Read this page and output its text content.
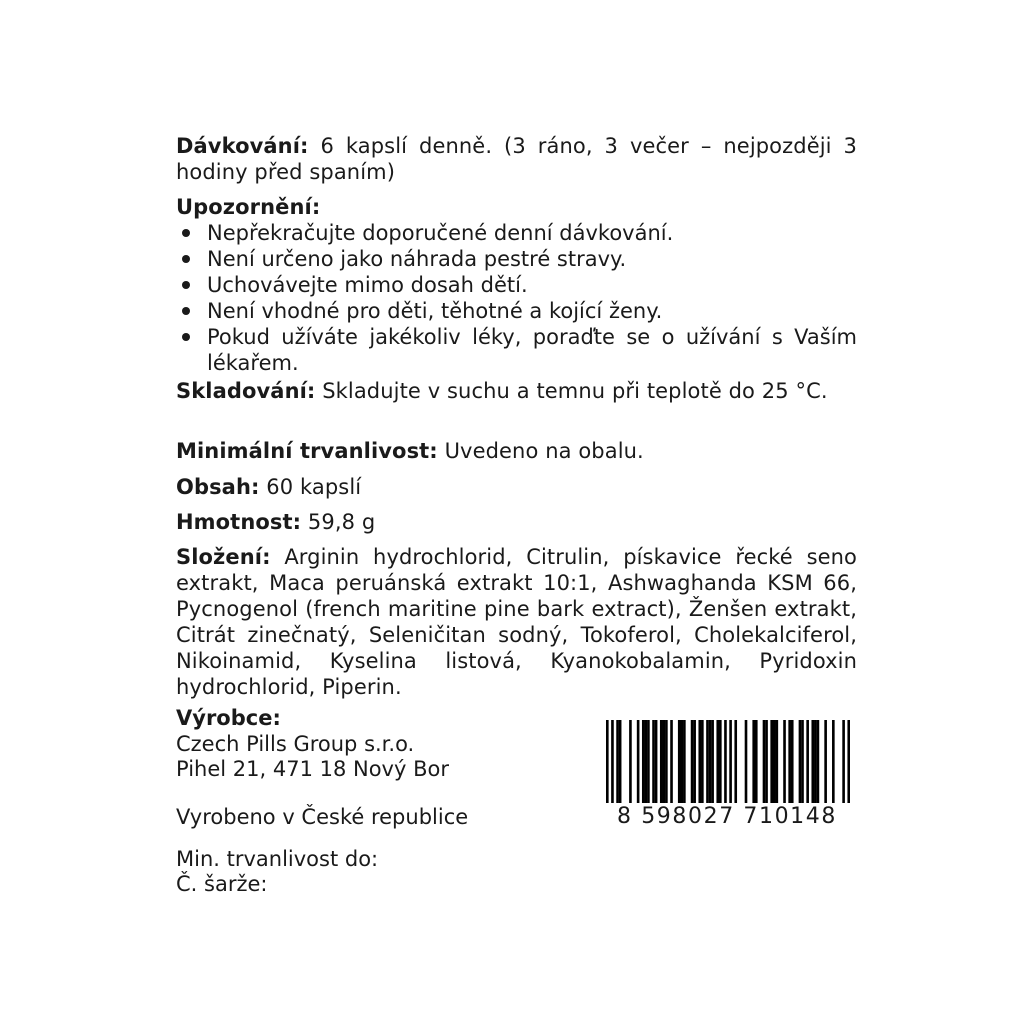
Dávkování: 6 kapslí denně. (3 ráno, 3 večer – nejpozději 3 hodiny před spaním)
Upozornění:
Nepřekračujte doporučené denní dávkování.
Není určeno jako náhrada pestré stravy.
Uchovávejte mimo dosah dětí.
Není vhodné pro děti, těhotné a kojící ženy.
Pokud užíváte jakékoliv léky, poraďte se o užívání s Vaším lékařem.
Skladování: Skladujte v suchu a temnu při teplotě do 25 °C.
Minimální trvanlivost: Uvedeno na obalu.
Obsah: 60 kapslí
Hmotnost: 59,8 g
Složení: Arginin hydrochlorid, Citrulin, pískavice řecké seno extrakt, Maca peruánská extrakt 10:1, Ashwaghanda KSM 66, Pycnogenol (french maritine pine bark extract), Ženšen extrakt, Citrát zinečnatý, Seleničitan sodný, Tokoferol, Cholekalciferol, Nikoinamid, Kyselina listová, Kyanokobalamin, Pyridoxin hydrochlorid, Piperin.
Výrobce:
Czech Pills Group s.r.o.
Pihel 21, 471 18 Nový Bor
Vyrobeno v České republice
Min. trvanlivost do:
Č. šarže:
8 598027 710148
